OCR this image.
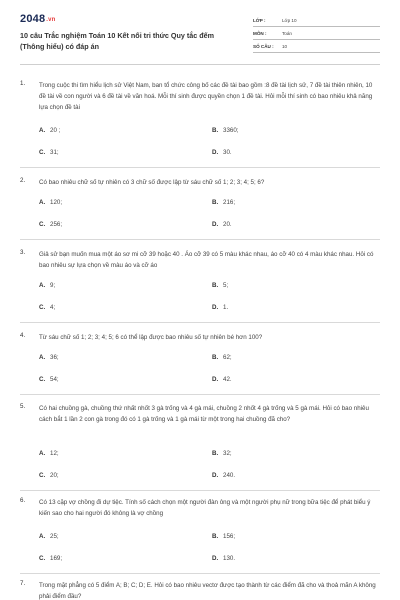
2048.vn
10 câu Trắc nghiệm Toán 10 Kết nối tri thức Quy tắc đếm (Thông hiểu) có đáp án
LỚP :	Lớp 10
MÔN :	Toán
SỐ CÂU :	10
1. Trong cuộc thi tìm hiểu lịch sử Việt Nam, ban tổ chức công bố các đề tài bao gồm :8 đề tài lịch sử, 7 đề tài thiên nhiên, 10 đề tài về con người và 6 đề tài về văn hoá. Mỗi thí sinh được quyền chọn 1 đề tài. Hỏi mỗi thí sinh có bao nhiêu khả năng lựa chọn đề tài
A. 20 ;	B. 3360;
C. 31;	D. 30.
2. Có bao nhiêu chữ số tự nhiên có 3 chữ số được lập từ sáu chữ số 1; 2; 3; 4; 5; 6?
A. 120;	B. 216;
C. 256;	D. 20.
3. Giả sử bạn muốn mua một áo sơ mi cỡ 39 hoặc 40 . Áo cỡ 39 có 5 màu khác nhau, áo cỡ 40 có 4 màu khác nhau. Hỏi có bao nhiêu sự lựa chọn về màu áo và cỡ áo
A. 9;	B. 5;
C. 4;	D. 1.
4. Từ sáu chữ số 1; 2; 3; 4; 5; 6 có thể lập được bao nhiêu số tự nhiên bé hơn 100?
A. 36;	B. 62;
C. 54;	D. 42.
5. Có hai chuồng gà, chuồng thứ nhất nhốt 3 gà trống và 4 gà mái, chuồng 2 nhốt 4 gà trống và 5 gà mái. Hỏi có bao nhiêu cách bắt 1 lần 2 con gà trong đó có 1 gà trống và 1 gà mái từ một trong hai chuồng đã cho?
A. 12;	B. 32;
C. 20;	D. 240.
6. Có 13 cặp vợ chồng đi dự tiệc. Tính số cách chọn một người đàn ông và một người phụ nữ trong bữa tiệc để phát biểu ý kiến sao cho hai người đó không là vợ chồng
A. 25;	B. 156;
C. 169;	D. 130.
7. Trong mặt phẳng có 5 điểm A; B; C; D; E. Hỏi có bao nhiêu vectơ được tạo thành từ các điểm đã cho và thoả mãn A không phải điểm đầu?
